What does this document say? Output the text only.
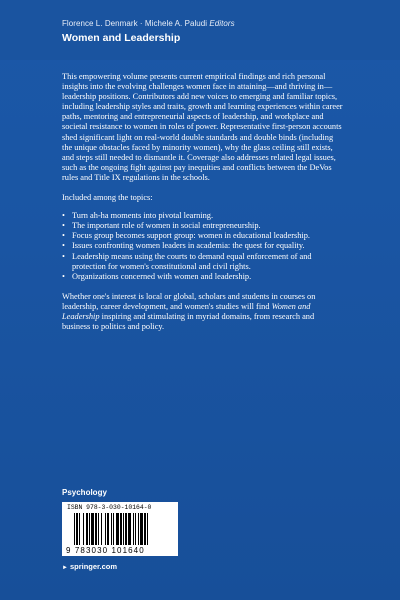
Florence L. Denmark · Michele A. Paludi Editors
Women and Leadership

This empowering volume presents current empirical findings and rich personal insights into the evolving challenges women face in attaining—and thriving in—leadership positions. Contributors add new voices to emerging and familiar topics, including leadership styles and traits, growth and learning experiences within career paths, mentoring and entrepreneurial aspects of leadership, and workplace and societal resistance to women in roles of power. Representative first-person accounts shed significant light on real-world double standards and double binds (including the unique obstacles faced by minority women), why the glass ceiling still exists, and steps still needed to dismantle it. Coverage also addresses related legal issues, such as the ongoing fight against pay inequities and conflicts between the DeVos rules and Title IX regulations in the schools.

Included among the topics:

• Turn ah-ha moments into pivotal learning.
• The important role of women in social entrepreneurship.
• Focus group becomes support group: women in educational leadership.
• Issues confronting women leaders in academia: the quest for equality.
• Leadership means using the courts to demand equal enforcement of and protection for women's constitutional and civil rights.
• Organizations concerned with women and leadership.

Whether one's interest is local or global, scholars and students in courses on leadership, career development, and women's studies will find Women and Leadership inspiring and stimulating in myriad domains, from research and business to politics and policy.

Psychology
ISBN 978-3-030-10164-0
9 783030 101640
► springer.com
